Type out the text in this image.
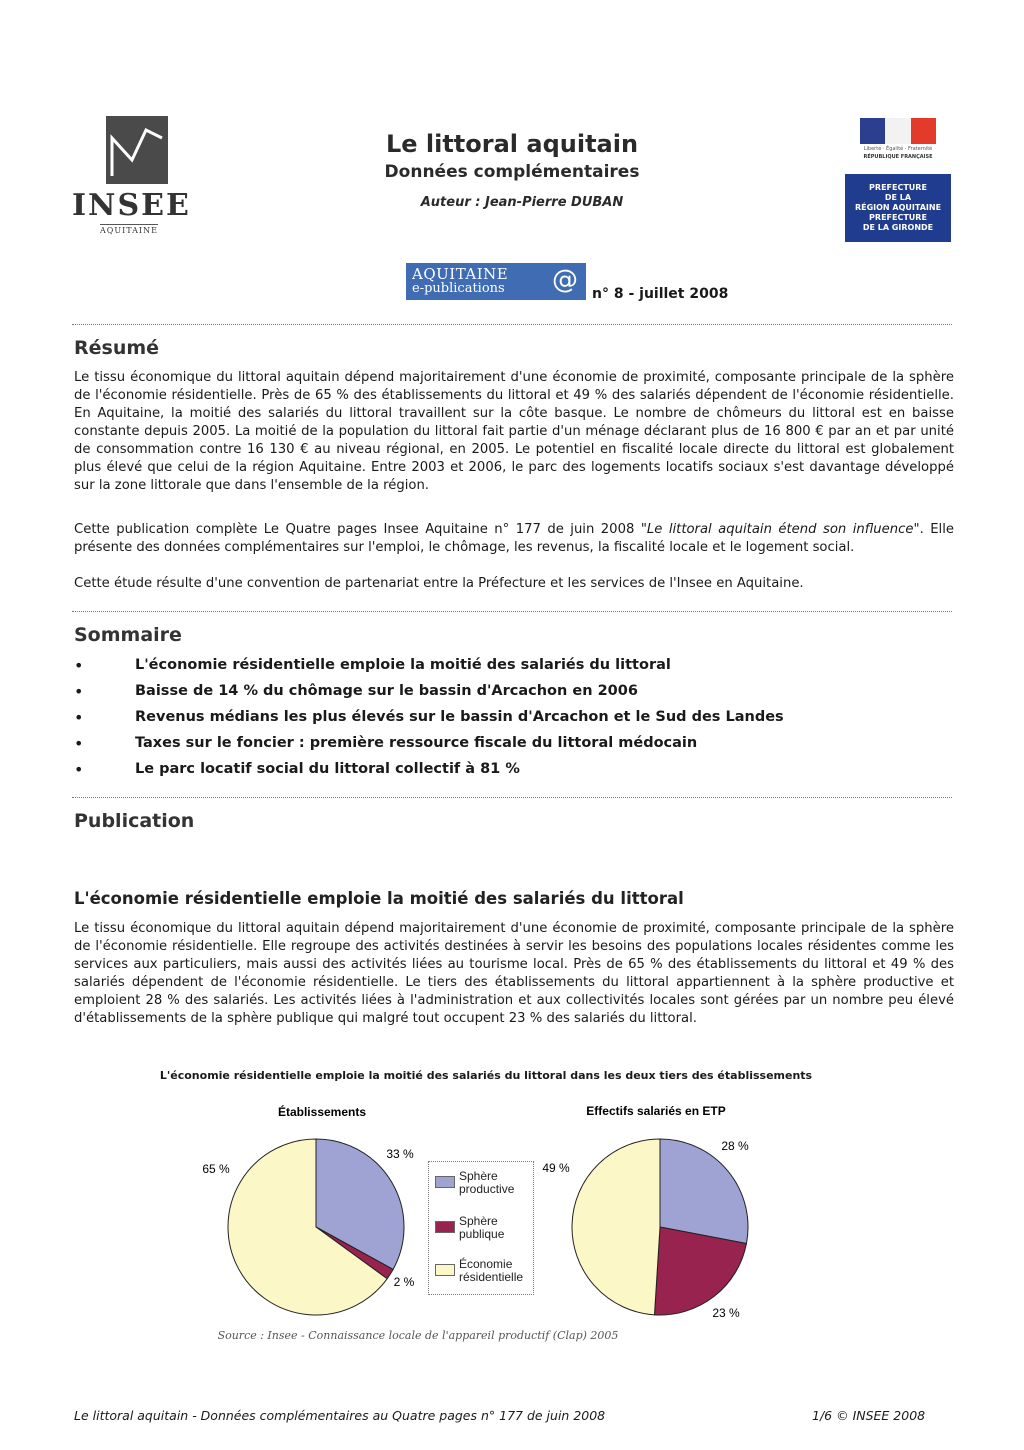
INSEE
AQUITAINE
Le littoral aquitain
Données complémentaires
Auteur : Jean-Pierre DUBAN
Liberté · Égalité · Fraternité
RÉPUBLIQUE FRANÇAISE
PREFECTURE
DE LA
RÉGION AQUITAINE
PREFECTURE
DE LA GIRONDE
AQUITAINE
e-publications @ n° 8 - juillet 2008
Résumé
Le tissu économique du littoral aquitain dépend majoritairement d'une économie de proximité, composante principale de la sphère de l'économie résidentielle. Près de 65 % des établissements du littoral et 49 % des salariés dépendent de l'économie résidentielle. En Aquitaine, la moitié des salariés du littoral travaillent sur la côte basque. Le nombre de chômeurs du littoral est en baisse constante depuis 2005. La moitié de la population du littoral fait partie d'un ménage déclarant plus de 16 800 € par an et par unité de consommation contre 16 130 € au niveau régional, en 2005. Le potentiel en fiscalité locale directe du littoral est globalement plus élevé que celui de la région Aquitaine. Entre 2003 et 2006, le parc des logements locatifs sociaux s'est davantage développé sur la zone littorale que dans l'ensemble de la région.
Cette publication complète Le Quatre pages Insee Aquitaine n° 177 de juin 2008 "Le littoral aquitain étend son influence". Elle présente des données complémentaires sur l'emploi, le chômage, les revenus, la fiscalité locale et le logement social.
Cette étude résulte d'une convention de partenariat entre la Préfecture et les services de l'Insee en Aquitaine.
Sommaire
•	L'économie résidentielle emploie la moitié des salariés du littoral
•	Baisse de 14 % du chômage sur le bassin d'Arcachon en 2006
•	Revenus médians les plus élevés sur le bassin d'Arcachon et le Sud des Landes
•	Taxes sur le foncier : première ressource fiscale du littoral médocain
•	Le parc locatif social du littoral collectif à 81 %
Publication
L'économie résidentielle emploie la moitié des salariés du littoral
Le tissu économique du littoral aquitain dépend majoritairement d'une économie de proximité, composante principale de la sphère de l'économie résidentielle. Elle regroupe des activités destinées à servir les besoins des populations locales résidentes comme les services aux particuliers, mais aussi des activités liées au tourisme local. Près de 65 % des établissements du littoral et 49 % des salariés dépendent de l'économie résidentielle. Le tiers des établissements du littoral appartiennent à la sphère productive et emploient 28 % des salariés. Les activités liées à l'administration et aux collectivités locales sont gérées par un nombre peu élevé d'établissements de la sphère publique qui malgré tout occupent 23 % des salariés du littoral.
L'économie résidentielle emploie la moitié des salariés du littoral dans les deux tiers des établissements
Établissements	Effectifs salariés en ETP
33 %
2 %
65 %
28 %
23 %
49 %
Sphère productive
Sphère publique
Économie résidentielle
Source : Insee - Connaissance locale de l'appareil productif (Clap) 2005
Le littoral aquitain - Données complémentaires au Quatre pages n° 177 de juin 2008	1/6 © INSEE 2008
